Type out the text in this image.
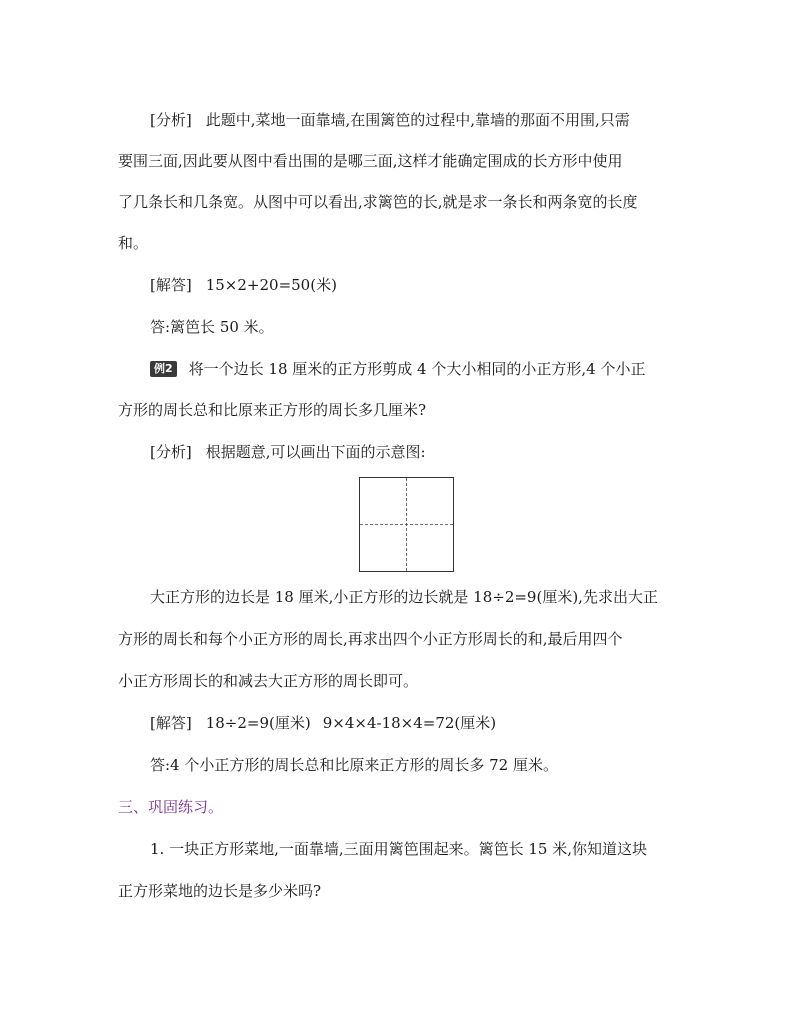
[分析] 此题中,菜地一面靠墙,在围篱笆的过程中,靠墙的那面不用围,只需
要围三面,因此要从图中看出围的是哪三面,这样才能确定围成的长方形中使用
了几条长和几条宽。从图中可以看出,求篱笆的长,就是求一条长和两条宽的长度
和。
[解答] 15×2+20=50(米)
答:篱笆长 50 米。
例2 将一个边长 18 厘米的正方形剪成 4 个大小相同的小正方形,4 个小正
方形的周长总和比原来正方形的周长多几厘米?
[分析] 根据题意,可以画出下面的示意图:
大正方形的边长是 18 厘米,小正方形的边长就是 18÷2=9(厘米),先求出大正
方形的周长和每个小正方形的周长,再求出四个小正方形周长的和,最后用四个
小正方形周长的和减去大正方形的周长即可。
[解答] 18÷2=9(厘米) 9×4×4-18×4=72(厘米)
答:4 个小正方形的周长总和比原来正方形的周长多 72 厘米。
三、巩固练习。
1. 一块正方形菜地,一面靠墙,三面用篱笆围起来。篱笆长 15 米,你知道这块
正方形菜地的边长是多少米吗?
